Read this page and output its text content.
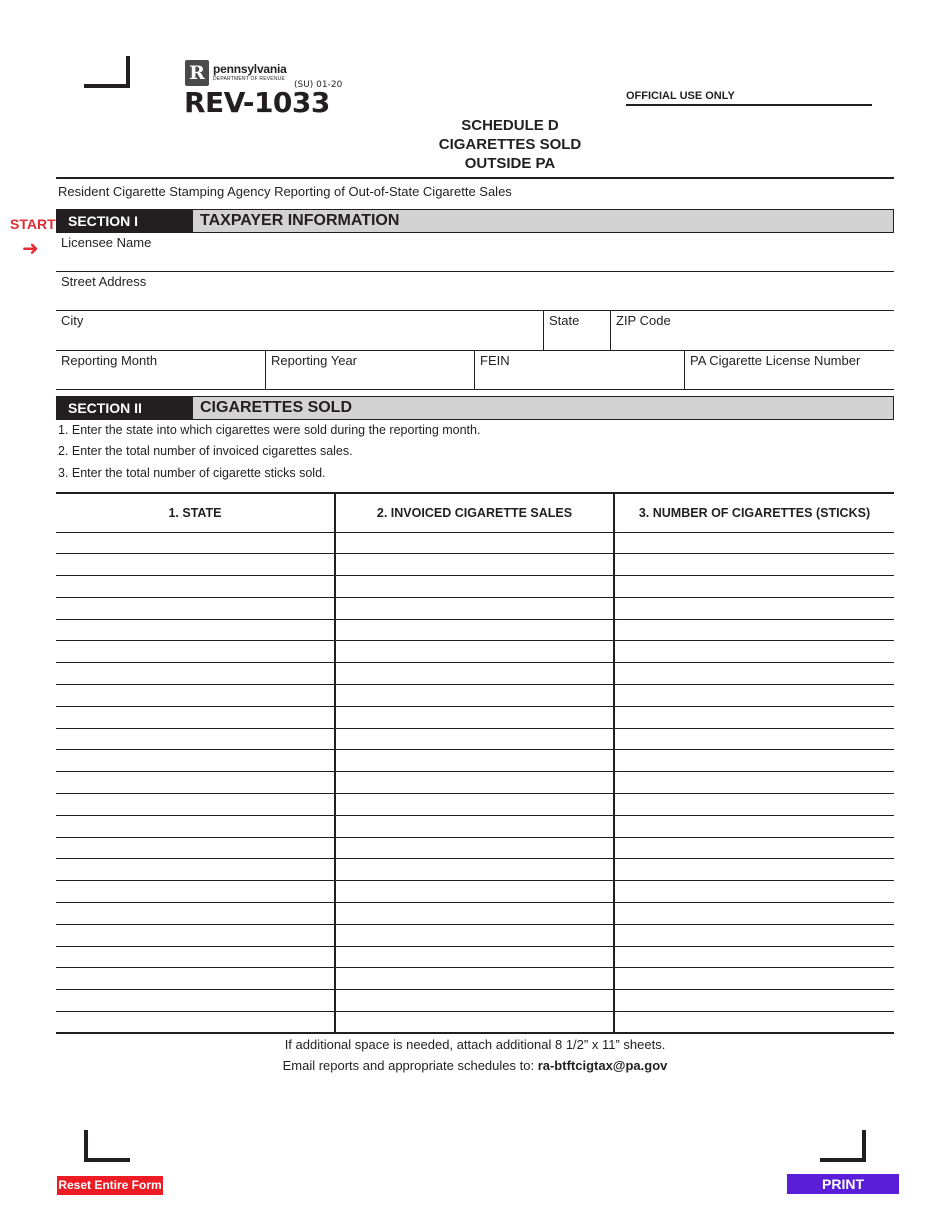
R pennsylvania
DEPARTMENT OF REVENUE
(SU) 01-20
REV-1033	OFFICIAL USE ONLY
SCHEDULE D
CIGARETTES SOLD
OUTSIDE PA
Resident Cigarette Stamping Agency Reporting of Out-of-State Cigarette Sales
START
➜
SECTION I	TAXPAYER INFORMATION
Licensee Name
Street Address
City	State	ZIP Code
Reporting Month	Reporting Year	FEIN	PA Cigarette License Number
SECTION II	CIGARETTES SOLD
1. Enter the state into which cigarettes were sold during the reporting month.
2. Enter the total number of invoiced cigarettes sales.
3. Enter the total number of cigarette sticks sold.
1. STATE	2. INVOICED CIGARETTE SALES	3. NUMBER OF CIGARETTES (STICKS)

If additional space is needed, attach additional 8 1/2” x 11” sheets.
Email reports and appropriate schedules to: ra-btftcigtax@pa.gov
Reset Entire Form	PRINT
